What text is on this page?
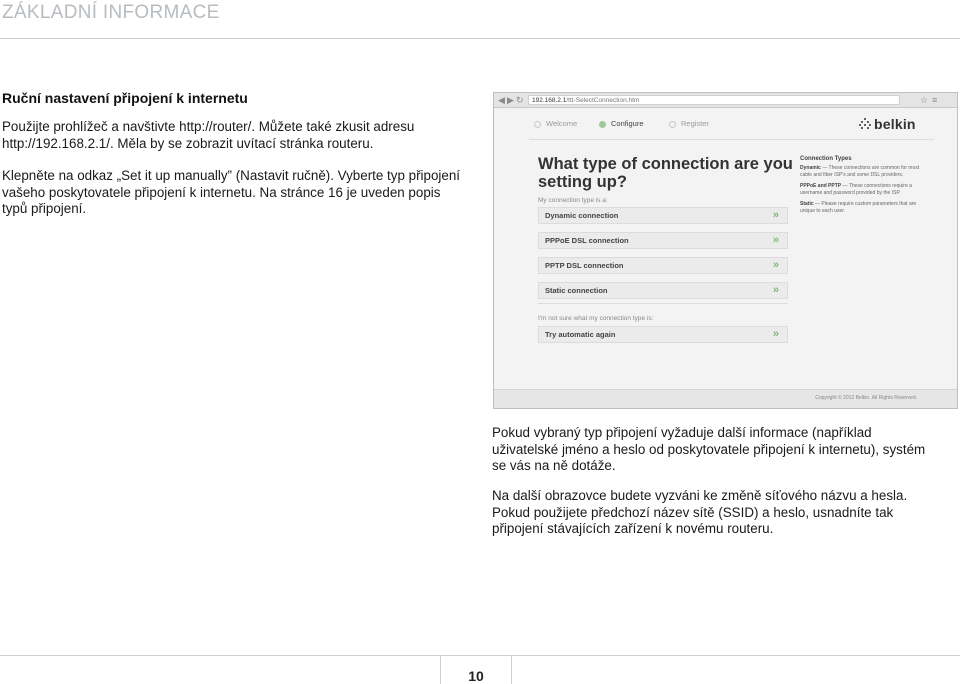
ZÁKLADNÍ INFORMACE
Ruční nastavení připojení k internetu
Použijte prohlížeč a navštivte http://router/. Můžete také zkusit adresu http://192.168.2.1/. Měla by se zobrazit uvítací stránka routeru.
Klepněte na odkaz „Set it up manually” (Nastavit ručně). Vyberte typ připojení vašeho poskytovatele připojení k internetu. Na stránce 16 je uveden popis typů připojení.
◀ ▶ ↻	192.168.2.1/ttt-SelectConnection.htm	☆ ≡
Welcome	Configure	Register	belkin
What type of connection are you setting up?
My connection type is a:
Dynamic connection	»
PPPoE DSL connection	»
PPTP DSL connection	»
Static connection	»
I'm not sure what my connection type is:
Try automatic again	»
Connection Types
Dynamic — These connections are common for most cable and fiber ISP's and some DSL providers.
PPPoE and PPTP — These connections require a username and password provided by the ISP.
Static — Please require custom parameters that are unique to each user.
Copyright © 2012 Belkin. All Rights Reserved.
Pokud vybraný typ připojení vyžaduje další informace (například uživatelské jméno a heslo od poskytovatele připojení k internetu), systém se vás na ně dotáže.
Na další obrazovce budete vyzváni ke změně síťového názvu a hesla. Pokud použijete předchozí název sítě (SSID) a heslo, usnadníte tak připojení stávajících zařízení k novému routeru.
10
